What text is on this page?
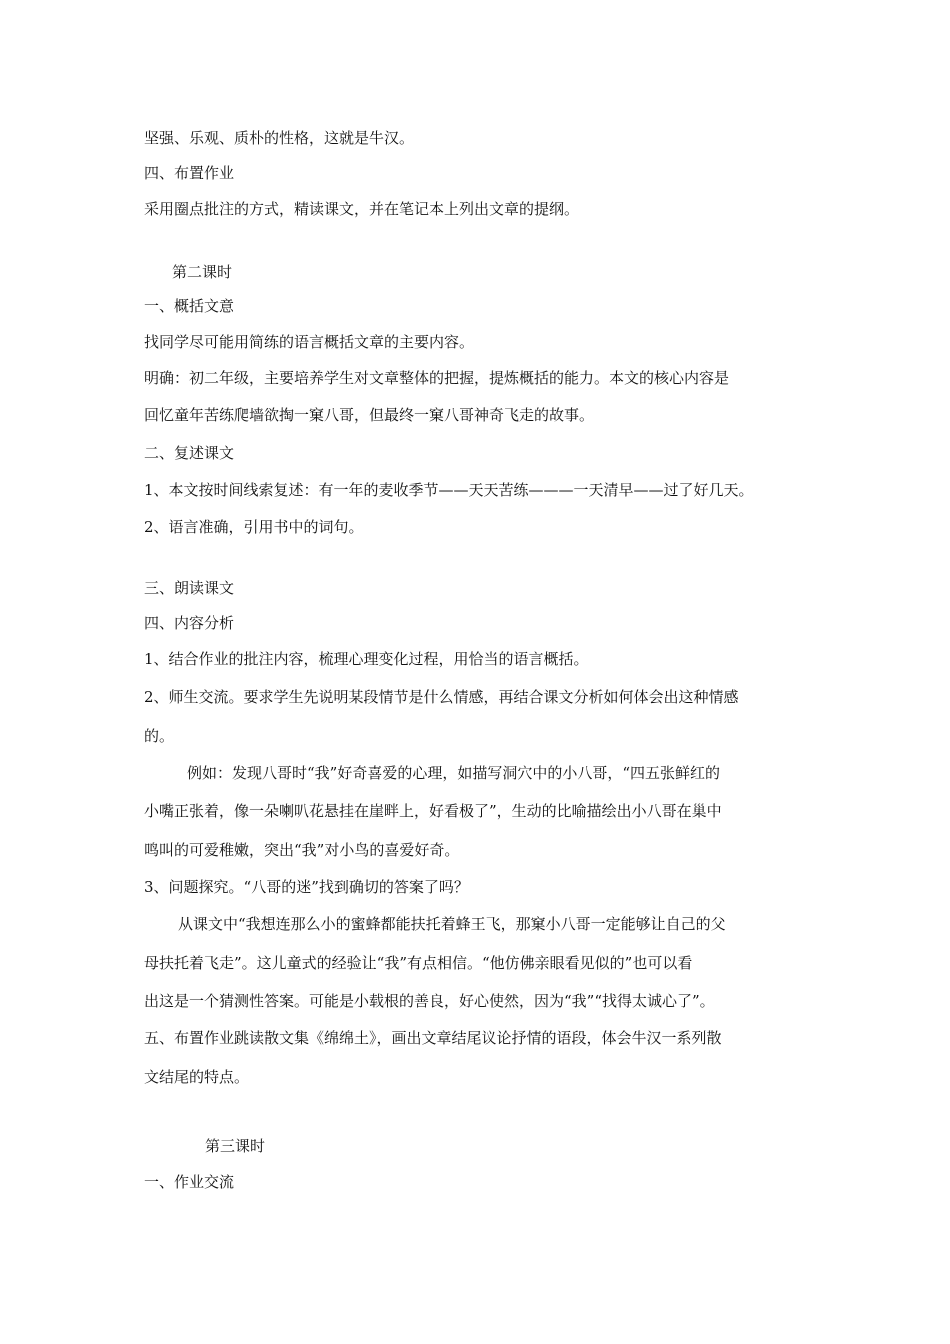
坚强、乐观、质朴的性格，这就是牛汉。
四、布置作业
采用圈点批注的方式，精读课文，并在笔记本上列出文章的提纲。
第二课时
一、概括文意
找同学尽可能用简练的语言概括文章的主要内容。
明确：初二年级，主要培养学生对文章整体的把握，提炼概括的能力。本文的核心内容是
回忆童年苦练爬墙欲掏一窠八哥，但最终一窠八哥神奇飞走的故事。
二、复述课文
1、本文按时间线索复述：有一年的麦收季节——天天苦练———一天清早——过了好几天。
2、语言准确，引用书中的词句。
三、朗读课文
四、内容分析
1、结合作业的批注内容，梳理心理变化过程，用恰当的语言概括。
2、师生交流。要求学生先说明某段情节是什么情感，再结合课文分析如何体会出这种情感
的。
例如：发现八哥时“我”好奇喜爱的心理，如描写洞穴中的小八哥，“四五张鲜红的
小嘴正张着，像一朵喇叭花悬挂在崖畔上，好看极了”，生动的比喻描绘出小八哥在巢中
鸣叫的可爱稚嫩，突出“我”对小鸟的喜爱好奇。
3、问题探究。“八哥的迷”找到确切的答案了吗？
从课文中“我想连那么小的蜜蜂都能扶托着蜂王飞，那窠小八哥一定能够让自己的父
母扶托着飞走”。这儿童式的经验让“我”有点相信。“他仿佛亲眼看见似的”也可以看
出这是一个猜测性答案。可能是小载根的善良，好心使然，因为“我”“找得太诚心了”。
五、布置作业跳读散文集《绵绵土》，画出文章结尾议论抒情的语段，体会牛汉一系列散
文结尾的特点。
第三课时
一、作业交流
